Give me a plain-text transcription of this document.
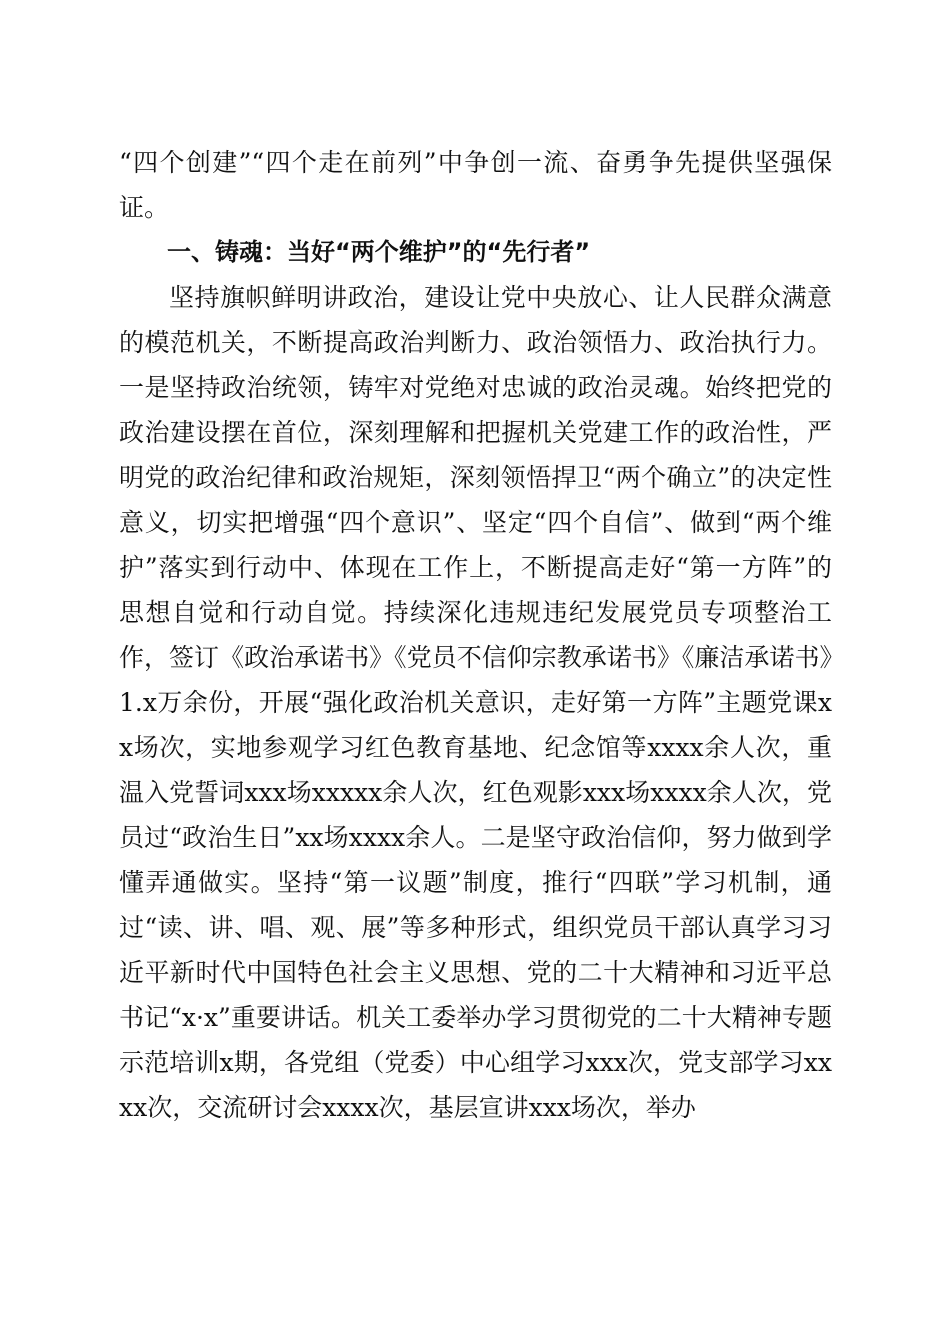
“四个创建”“四个走在前列”中争创一流、奋勇争先提供坚强保证。

一、铸魂：当好“两个维护”的“先行者”

坚持旗帜鲜明讲政治，建设让党中央放心、让人民群众满意的模范机关，不断提高政治判断力、政治领悟力、政治执行力。一是坚持政治统领，铸牢对党绝对忠诚的政治灵魂。始终把党的政治建设摆在首位，深刻理解和把握机关党建工作的政治性，严明党的政治纪律和政治规矩，深刻领悟捍卫“两个确立”的决定性意义，切实把增强“四个意识”、坚定“四个自信”、做到“两个维护”落实到行动中、体现在工作上，不断提高走好“第一方阵”的思想自觉和行动自觉。持续深化违规违纪发展党员专项整治工作，签订《政治承诺书》《党员不信仰宗教承诺书》《廉洁承诺书》1.x万余份，开展“强化政治机关意识，走好第一方阵”主题党课xx场次，实地参观学习红色教育基地、纪念馆等xxxx余人次，重温入党誓词xxx场xxxxx余人次，红色观影xxx场xxxx余人次，党员过“政治生日”xx场xxxx余人。二是坚守政治信仰，努力做到学懂弄通做实。坚持“第一议题”制度，推行“四联”学习机制，通过“读、讲、唱、观、展”等多种形式，组织党员干部认真学习习近平新时代中国特色社会主义思想、党的二十大精神和习近平总书记“x·x”重要讲话。机关工委举办学习贯彻党的二十大精神专题示范培训x期，各党组（党委）中心组学习xxx次，党支部学习xxxx次，交流研讨会xxxx次，基层宣讲xxx场次，举办
